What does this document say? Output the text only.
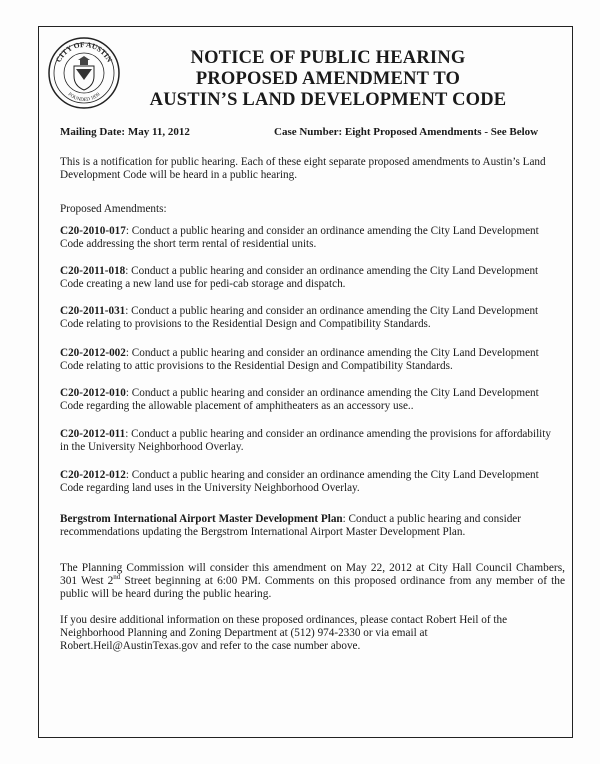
CITY OF AUSTIN
FOUNDED 1839
NOTICE OF PUBLIC HEARING
PROPOSED AMENDMENT TO
AUSTIN’S LAND DEVELOPMENT CODE
Mailing Date: May 11, 2012	Case Number: Eight Proposed Amendments - See Below
This is a notification for public hearing. Each of these eight separate proposed amendments to Austin’s Land Development Code will be heard in a public hearing.
Proposed Amendments:
C20-2010-017: Conduct a public hearing and consider an ordinance amending the City Land Development Code addressing the short term rental of residential units.
C20-2011-018: Conduct a public hearing and consider an ordinance amending the City Land Development Code creating a new land use for pedi-cab storage and dispatch.
C20-2011-031: Conduct a public hearing and consider an ordinance amending the City Land Development Code relating to provisions to the Residential Design and Compatibility Standards.
C20-2012-002: Conduct a public hearing and consider an ordinance amending the City Land Development Code relating to attic provisions to the Residential Design and Compatibility Standards.
C20-2012-010: Conduct a public hearing and consider an ordinance amending the City Land Development Code regarding the allowable placement of amphitheaters as an accessory use..
C20-2012-011: Conduct a public hearing and consider an ordinance amending the provisions for affordability in the University Neighborhood Overlay.
C20-2012-012: Conduct a public hearing and consider an ordinance amending the City Land Development Code regarding land uses in the University Neighborhood Overlay.
Bergstrom International Airport Master Development Plan: Conduct a public hearing and consider recommendations updating the Bergstrom International Airport Master Development Plan.
The Planning Commission will consider this amendment on May 22, 2012 at City Hall Council Chambers, 301 West 2nd Street beginning at 6:00 PM. Comments on this proposed ordinance from any member of the public will be heard during the public hearing.
If you desire additional information on these proposed ordinances, please contact Robert Heil of the Neighborhood Planning and Zoning Department at (512) 974-2330 or via email at Robert.Heil@AustinTexas.gov and refer to the case number above.
